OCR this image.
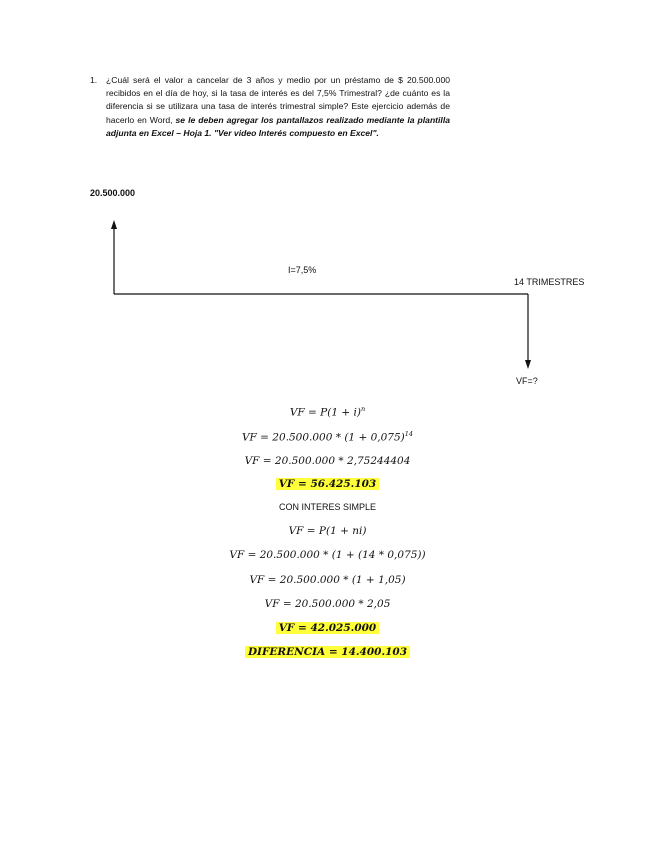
1. ¿Cuál será el valor a cancelar de 3 años y medio por un préstamo de $ 20.500.000 recibidos en el día de hoy, si la tasa de interés es del 7,5% Trimestral? ¿de cuánto es la diferencia si se utilizara una tasa de interés trimestral simple? Este ejercicio además de hacerlo en Word, se le deben agregar los pantallazos realizado mediante la plantilla adjunta en Excel – Hoja 1. "Ver video Interés compuesto en Excel".
20.500.000
I=7,5%
14 TRIMESTRES
VF=?
VF = $P(1 + i)^n$
VF = $20.500.000 * (1 + 0,075)^{14}$
VF = 20.500.000 * 2,75244404
VF = 56.425.103
CON INTERES SIMPLE
VF = P(1 + ni)
VF = 20.500.000 * (1 + (14 * 0,075))
VF = 20.500.000 * (1 + 1,05)
VF = 20.500.000 * 2,05
VF = 42.025.000
DIFERENCIA = 14.400.103
